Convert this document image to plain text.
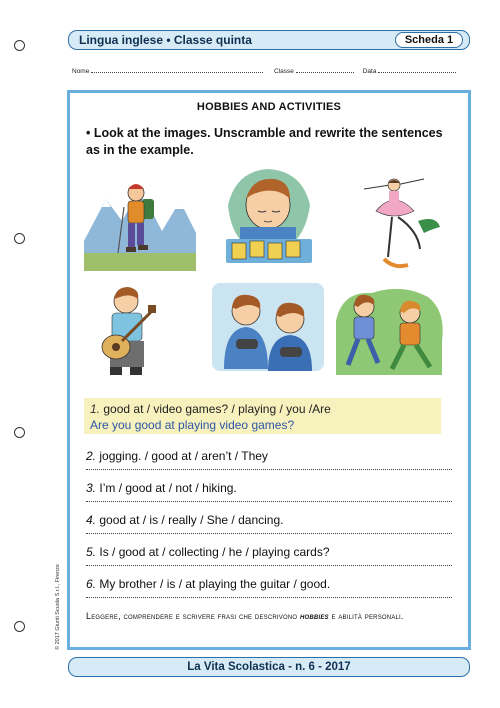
Lingua inglese • Classe quinta	Scheda 1
Nome	Classe	Data
HOBBIES AND ACTIVITIES
• Look at the images. Unscramble and rewrite the sentences as in the example.
1. good at / video games? / playing / you /Are
Are you good at playing video games?
2. jogging. / good at / aren’t / They
3. I’m / good at / not / hiking.
4. good at / is / really / She / dancing.
5. Is / good at / collecting / he / playing cards?
6. My brother / is / at playing the guitar / good.
Leggere, comprendere e scrivere frasi che descrivono hobbies e abilità personali.
© 2017 Giunti Scuola S.r.l., Firenze
La Vita Scolastica - n. 6 - 2017
